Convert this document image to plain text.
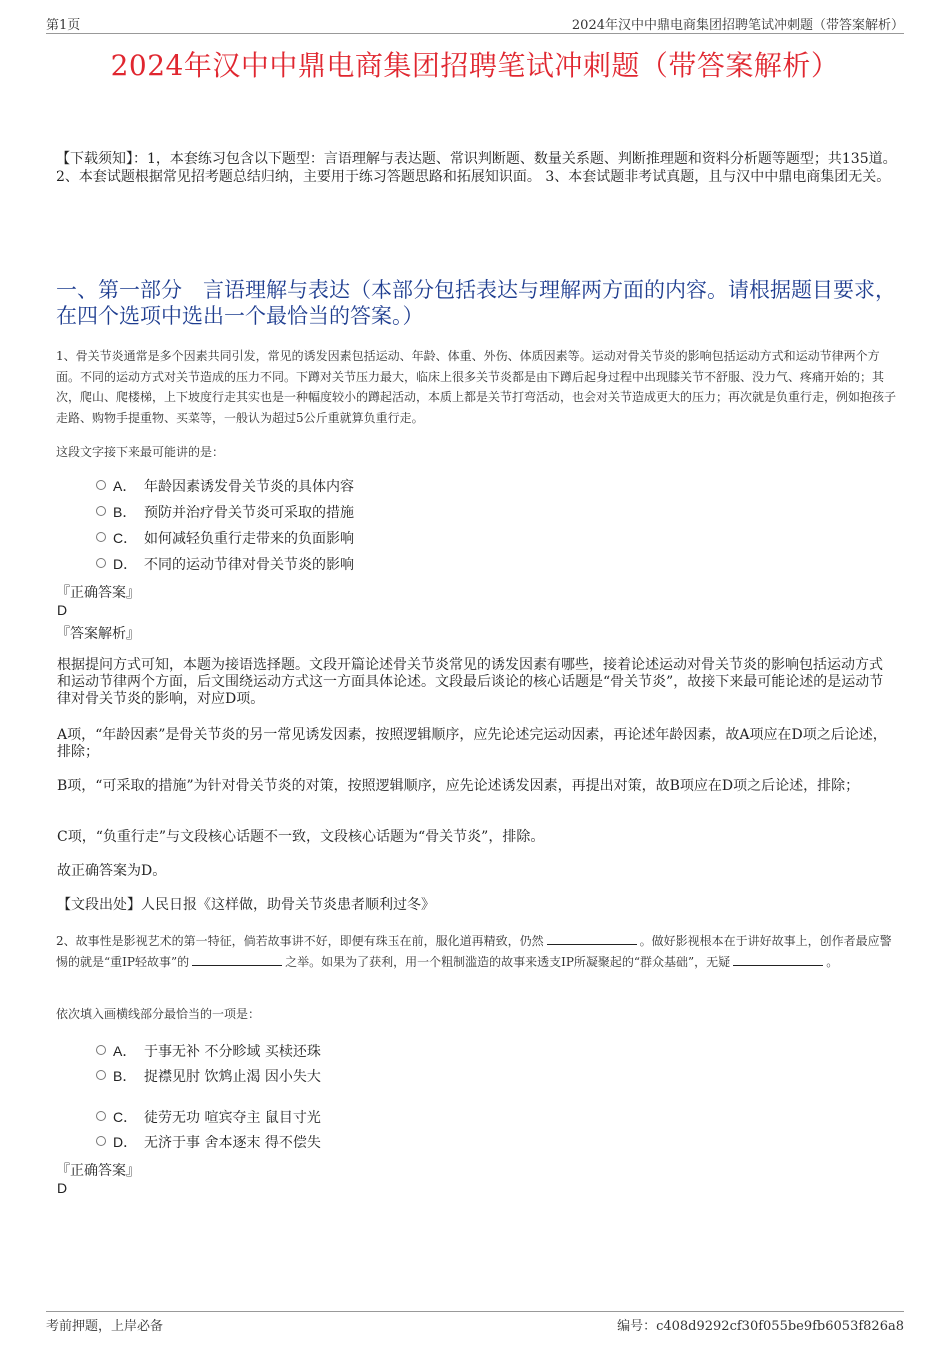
第1页	2024年汉中中鼎电商集团招聘笔试冲刺题（带答案解析）
2024年汉中中鼎电商集团招聘笔试冲刺题（带答案解析）
【下载须知】：1，本套练习包含以下题型：言语理解与表达题、常识判断题、数量关系题、判断推理题和资料分析题等题型；共135道。 2、本套试题根据常见招考题总结归纳，主要用于练习答题思路和拓展知识面。 3、本套试题非考试真题，且与汉中中鼎电商集团无关。
一、第一部分　言语理解与表达（本部分包括表达与理解两方面的内容。请根据题目要求，在四个选项中选出一个最恰当的答案。）
1、骨关节炎通常是多个因素共同引发，常见的诱发因素包括运动、年龄、体重、外伤、体质因素等。运动对骨关节炎的影响包括运动方式和运动节律两个方面。不同的运动方式对关节造成的压力不同。下蹲对关节压力最大，临床上很多关节炎都是由下蹲后起身过程中出现膝关节不舒服、没力气、疼痛开始的；其次，爬山、爬楼梯，上下坡度行走其实也是一种幅度较小的蹲起活动，本质上都是关节打弯活动，也会对关节造成更大的压力；再次就是负重行走，例如抱孩子走路、购物手提重物、买菜等，一般认为超过5公斤重就算负重行走。
这段文字接下来最可能讲的是：
A． 年龄因素诱发骨关节炎的具体内容
B． 预防并治疗骨关节炎可采取的措施
C． 如何减轻负重行走带来的负面影响
D． 不同的运动节律对骨关节炎的影响
『正确答案』
D
『答案解析』
根据提问方式可知，本题为接语选择题。文段开篇论述骨关节炎常见的诱发因素有哪些，接着论述运动对骨关节炎的影响包括运动方式和运动节律两个方面，后文围绕运动方式这一方面具体论述。文段最后谈论的核心话题是“骨关节炎”，故接下来最可能论述的是运动节律对骨关节炎的影响，对应D项。
A项，“年龄因素”是骨关节炎的另一常见诱发因素，按照逻辑顺序，应先论述完运动因素，再论述年龄因素，故A项应在D项之后论述，排除；
B项，“可采取的措施”为针对骨关节炎的对策，按照逻辑顺序，应先论述诱发因素，再提出对策，故B项应在D项之后论述，排除；
C项，“负重行走”与文段核心话题不一致，文段核心话题为“骨关节炎”，排除。
故正确答案为D。
【文段出处】人民日报《这样做，助骨关节炎患者顺利过冬》
2、故事性是影视艺术的第一特征，倘若故事讲不好，即便有珠玉在前，服化道再精致，仍然	。做好影视根本在于讲好故事上，创作者最应警惕的就是“重IP轻故事”的	之举。如果为了获利，用一个粗制滥造的故事来透支IP所凝聚起的“群众基础”，无疑	。
依次填入画横线部分最恰当的一项是：
A． 于事无补 不分畛域 买椟还珠
B． 捉襟见肘 饮鸩止渴 因小失大
C． 徒劳无功 喧宾夺主 鼠目寸光
D． 无济于事 舍本逐末 得不偿失
『正确答案』
D
考前押题，上岸必备	编号：c408d9292cf30f055be9fb6053f826a8
